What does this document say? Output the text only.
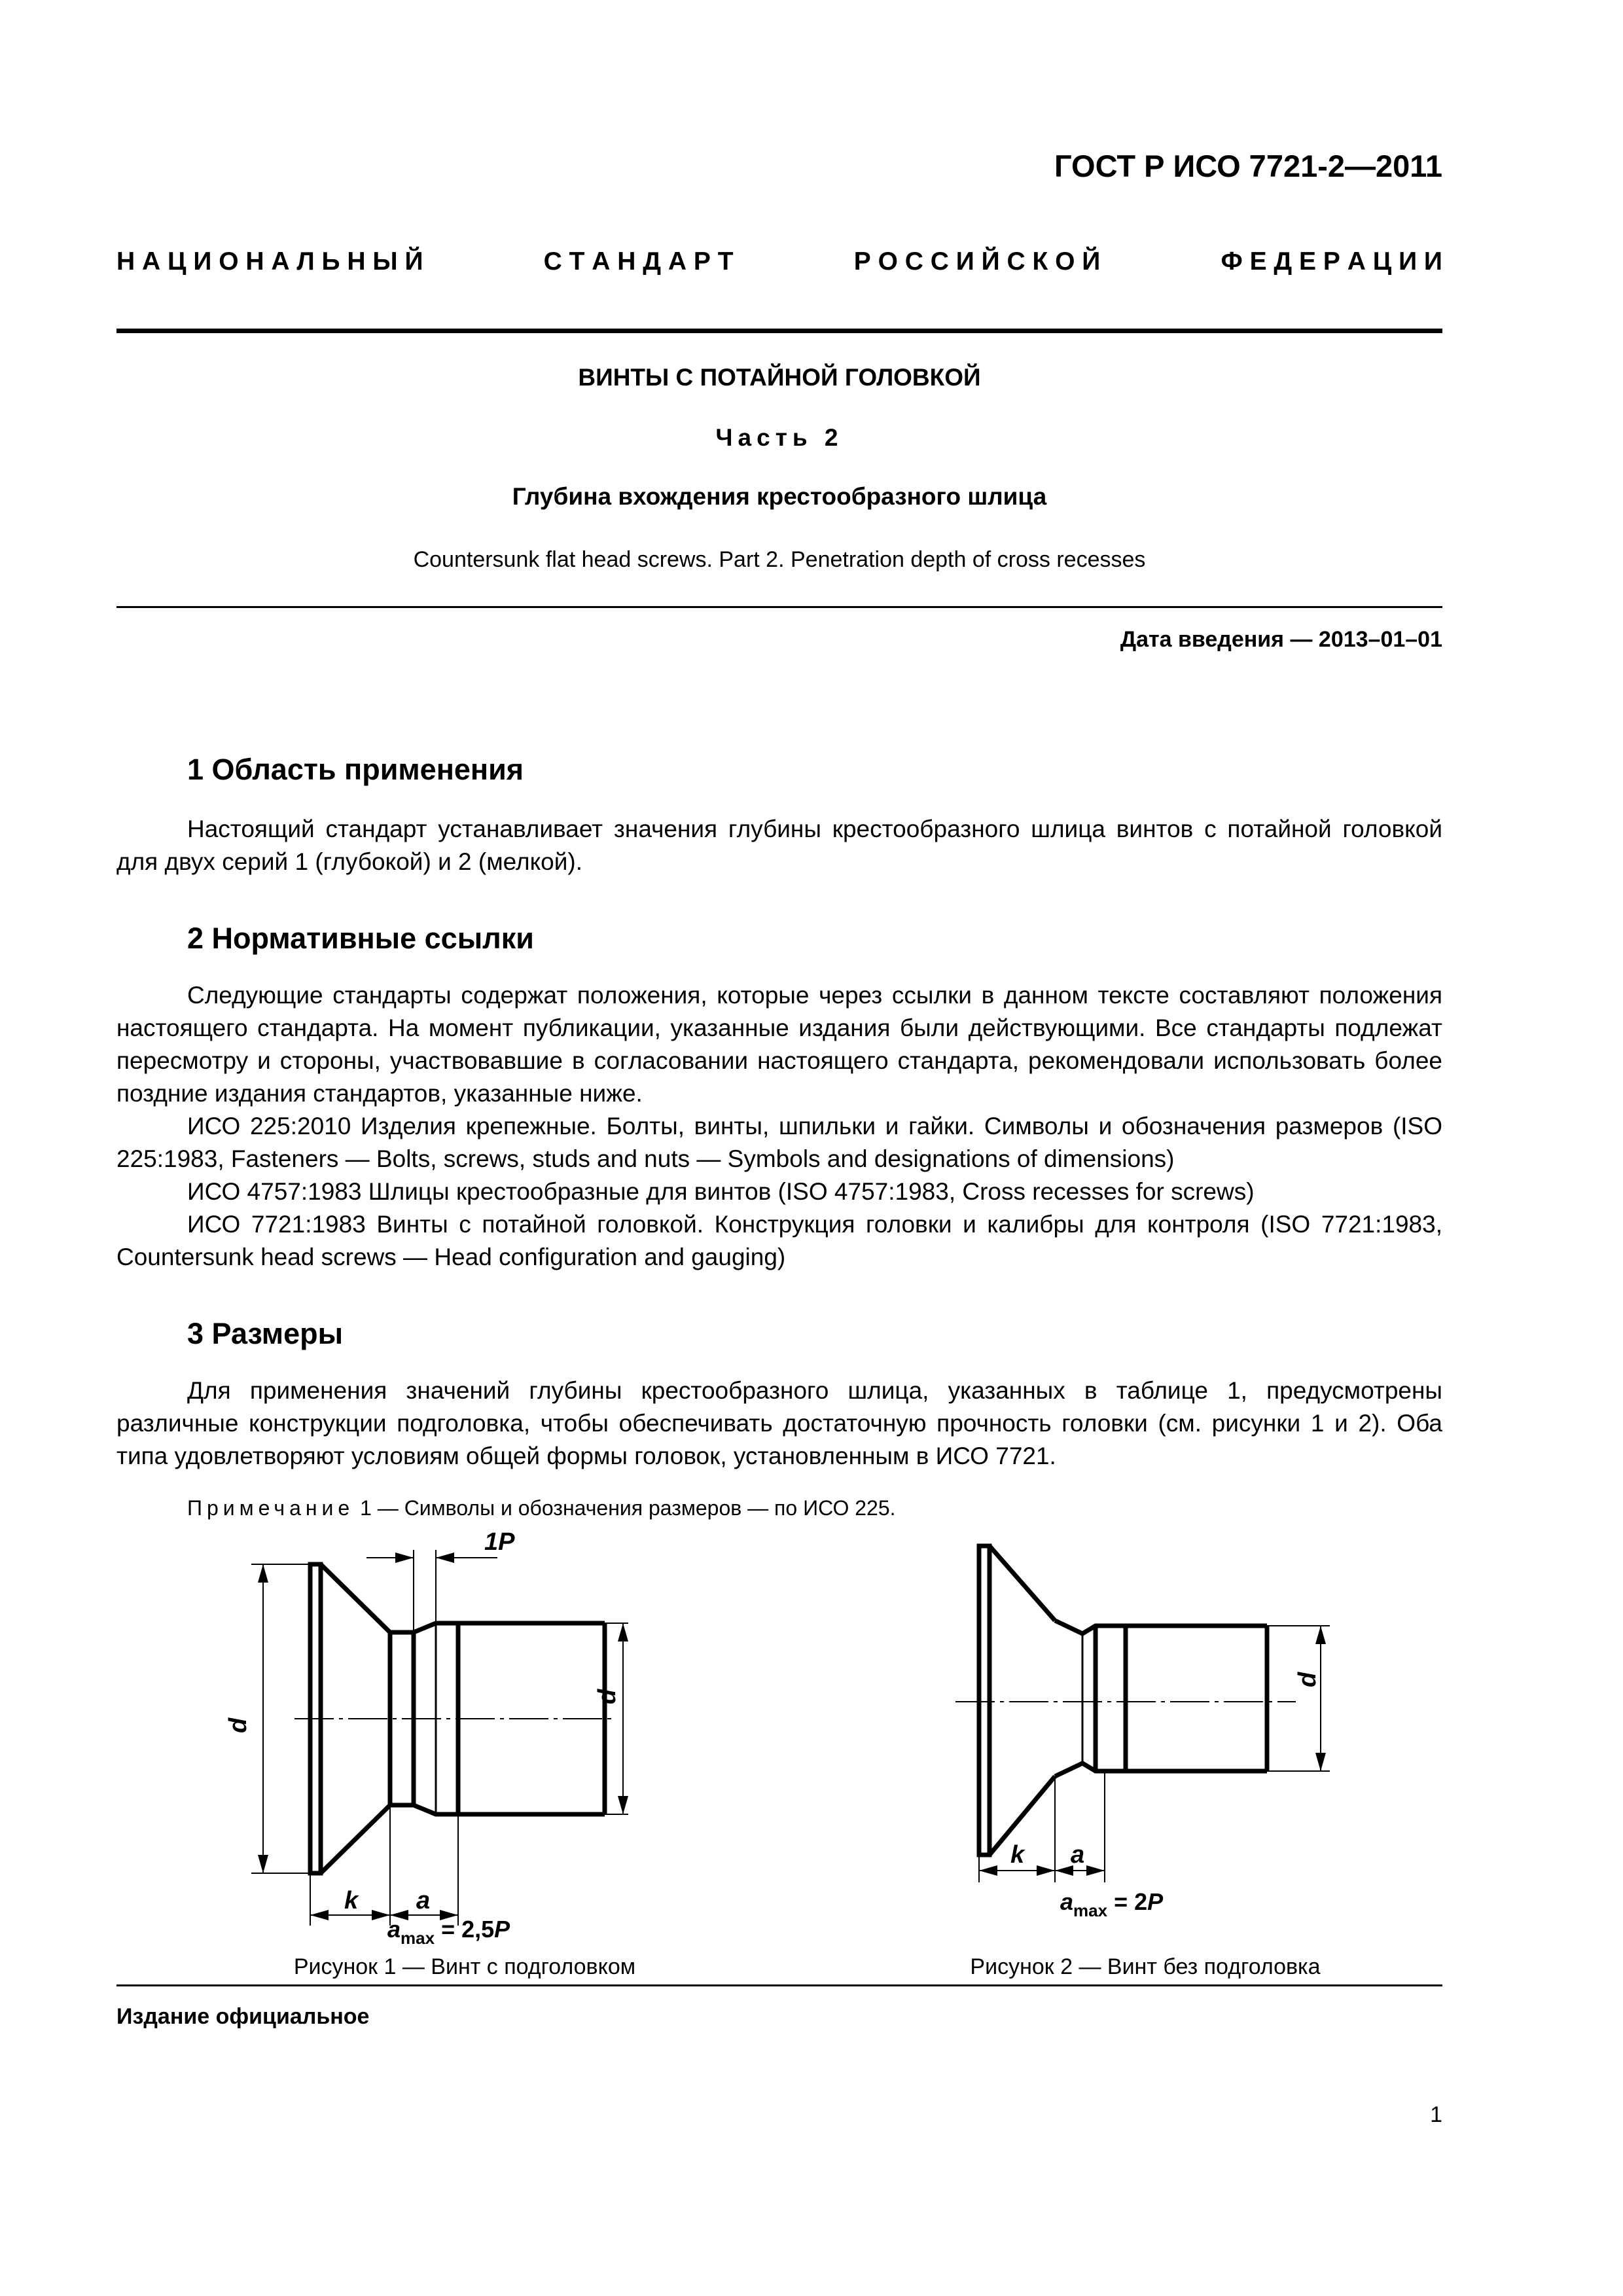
ГОСТ Р ИСО 7721-2—2011
Н А Ц И О Н А Л Ь Н Ы Й	С Т А Н Д А Р Т	Р О С С И Й С К О Й	Ф Е Д Е Р А Ц И И
ВИНТЫ С ПОТАЙНОЙ ГОЛОВКОЙ
Часть 2
Глубина вхождения крестообразного шлица
Countersunk flat head screws. Part 2. Penetration depth of cross recesses
Дата введения — 2013–01–01
1 Область применения
Настоящий стандарт устанавливает значения глубины крестообразного шлица винтов с потайной головкой для двух серий 1 (глубокой) и 2 (мелкой).
2 Нормативные ссылки
Следующие стандарты содержат положения, которые через ссылки в данном тексте составляют положения настоящего стандарта. На момент публикации, указанные издания были действующими. Все стандарты подлежат пересмотру и стороны, участвовавшие в согласовании настоящего стандарта, рекомендовали использовать более поздние издания стандартов, указанные ниже.
ИСО 225:2010 Изделия крепежные. Болты, винты, шпильки и гайки. Символы и обозначения размеров (ISO 225:1983, Fasteners — Bolts, screws, studs and nuts — Symbols and designations of dimensions)
ИСО 4757:1983 Шлицы крестообразные для винтов (ISO 4757:1983, Cross recesses for screws)
ИСО 7721:1983 Винты с потайной головкой. Конструкция головки и калибры для контроля (ISO 7721:1983, Countersunk head screws — Head configuration and gauging)
3 Размеры
Для применения значений глубины крестообразного шлица, указанных в таблице 1, предусмотрены различные конструкции подголовка, чтобы обеспечивать достаточную прочность головки (см. рисунки 1 и 2). Оба типа удовлетворяют условиям общей формы головок, установленным в ИСО 7721.
Примечание 1 — Символы и обозначения размеров — по ИСО 225.
1P
d
d
k a
$a_{max} = 2,5P$
d
k a
$a_{max} = 2P$
Рисунок 1 — Винт с подголовком	Рисунок 2 — Винт без подголовка
Издание официальное
1
